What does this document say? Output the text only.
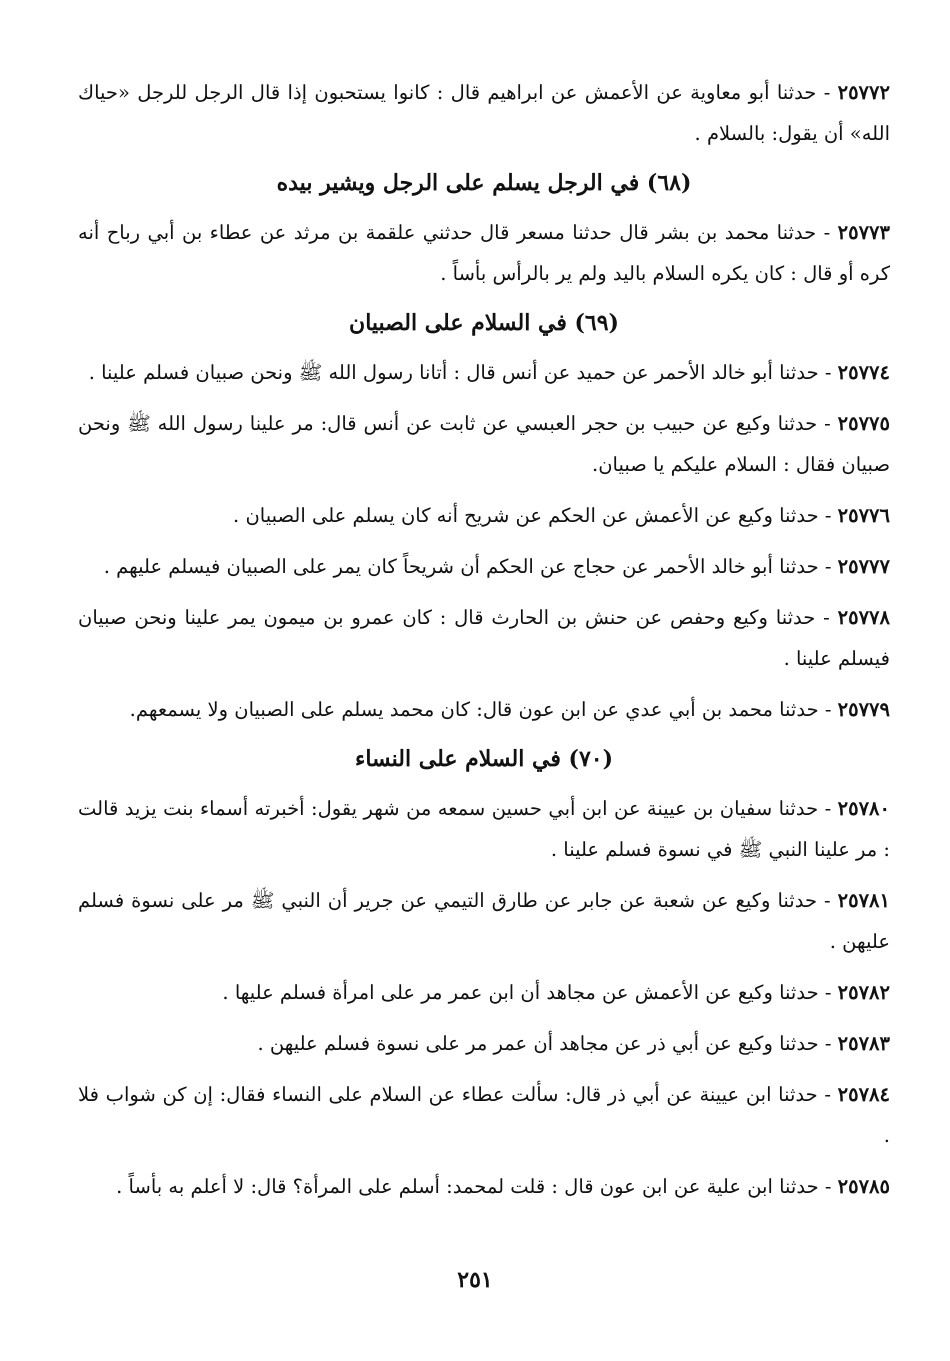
٢٥٧٧٢ - حدثنا أبو معاوية عن الأعمش عن ابراهيم قال : كانوا يستحبون إذا قال الرجل للرجل «حياك الله» أن يقول: بالسلام .

(٦٨) في الرجل يسلم على الرجل ويشير بيده

٢٥٧٧٣ - حدثنا محمد بن بشر قال حدثنا مسعر قال حدثني علقمة بن مرثد عن عطاء بن أبي رباح أنه كره أو قال : كان يكره السلام باليد ولم ير بالرأس بأساً .

(٦٩) في السلام على الصبيان

٢٥٧٧٤ - حدثنا أبو خالد الأحمر عن حميد عن أنس قال : أتانا رسول الله ﷺ ونحن صبيان فسلم علينا .

٢٥٧٧٥ - حدثنا وكيع عن حبيب بن حجر العبسي عن ثابت عن أنس قال: مر علينا رسول الله ﷺ ونحن صبيان فقال : السلام عليكم يا صبيان.

٢٥٧٧٦ - حدثنا وكيع عن الأعمش عن الحكم عن شريح أنه كان يسلم على الصبيان .

٢٥٧٧٧ - حدثنا أبو خالد الأحمر عن حجاج عن الحكم أن شريحاً كان يمر على الصبيان فيسلم عليهم .

٢٥٧٧٨ - حدثنا وكيع وحفص عن حنش بن الحارث قال : كان عمرو بن ميمون يمر علينا ونحن صبيان فيسلم علينا .

٢٥٧٧٩ - حدثنا محمد بن أبي عدي عن ابن عون قال: كان محمد يسلم على الصبيان ولا يسمعهم.

(٧٠) في السلام على النساء

٢٥٧٨٠ - حدثنا سفيان بن عيينة عن ابن أبي حسين سمعه من شهر يقول: أخبرته أسماء بنت يزيد قالت : مر علينا النبي ﷺ في نسوة فسلم علينا .

٢٥٧٨١ - حدثنا وكيع عن شعبة عن جابر عن طارق التيمي عن جرير أن النبي ﷺ مر على نسوة فسلم عليهن .

٢٥٧٨٢ - حدثنا وكيع عن الأعمش عن مجاهد أن ابن عمر مر على امرأة فسلم عليها .

٢٥٧٨٣ - حدثنا وكيع عن أبي ذر عن مجاهد أن عمر مر على نسوة فسلم عليهن .

٢٥٧٨٤ - حدثنا ابن عيينة عن أبي ذر قال: سألت عطاء عن السلام على النساء فقال: إن كن شواب فلا .

٢٥٧٨٥ - حدثنا ابن علية عن ابن عون قال : قلت لمحمد: أسلم على المرأة؟ قال: لا أعلم به بأساً .

٢٥١
